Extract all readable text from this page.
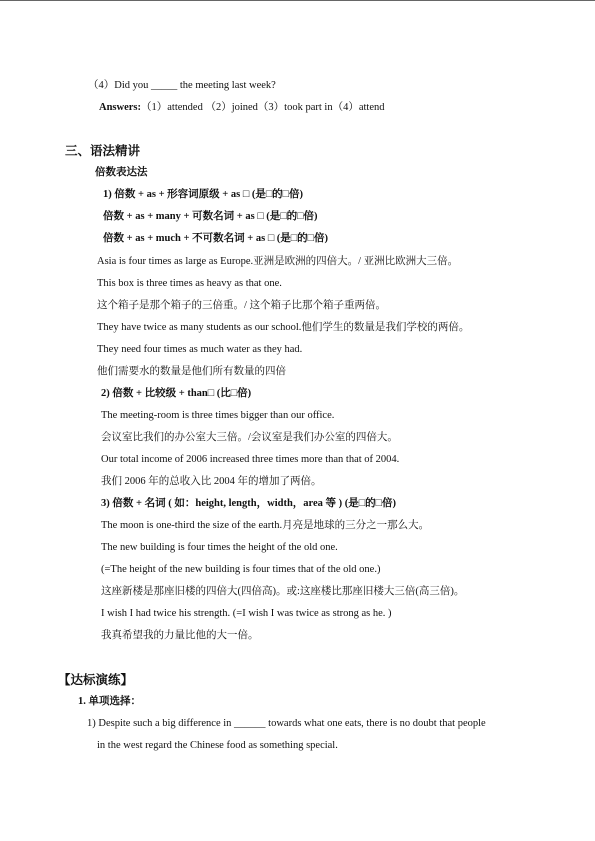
（4）Did you _____ the meeting last week?
Answers:（1）attended （2）joined（3）took part in（4）attend
三、语法精讲
倍数表达法
1) 倍数 + as + 形容词原级 + as □ (是□的□倍)
倍数 + as + many + 可数名词 + as □ (是□的□倍)
倍数 + as + much + 不可数名词 + as □ (是□的□倍)
Asia is four times as large as Europe.亚洲是欧洲的四倍大。/ 亚洲比欧洲大三倍。
This box is three times as heavy as that one.
这个箱子是那个箱子的三倍重。/ 这个箱子比那个箱子重两倍。
They have twice as many students as our school.他们学生的数量是我们学校的两倍。
They need four times as much water as they had.
他们需要水的数量是他们所有数量的四倍
2) 倍数 + 比较级 + than□ (比□倍)
The meeting-room is three times bigger than our office.
会议室比我们的办公室大三倍。/会议室是我们办公室的四倍大。
Our total income of 2006 increased three times more than that of 2004.
我们 2006 年的总收入比 2004 年的增加了两倍。
3) 倍数 + 名词 ( 如：height, length，width，area 等 ) (是□的□倍)
The moon is one-third the size of the earth.月亮是地球的三分之一那么大。
The new building is four times the height of the old one.
(=The height of the new building is four times that of the old one.)
这座新楼是那座旧楼的四倍大(四倍高)。或:这座楼比那座旧楼大三倍(高三倍)。
I wish I had twice his strength. (=I wish I was twice as strong as he. )
我真希望我的力量比他的大一倍。
【达标演练】
1. 单项选择：
1) Despite such a big difference in ______ towards what one eats, there is no doubt that people
in the west regard the Chinese food as something special.
